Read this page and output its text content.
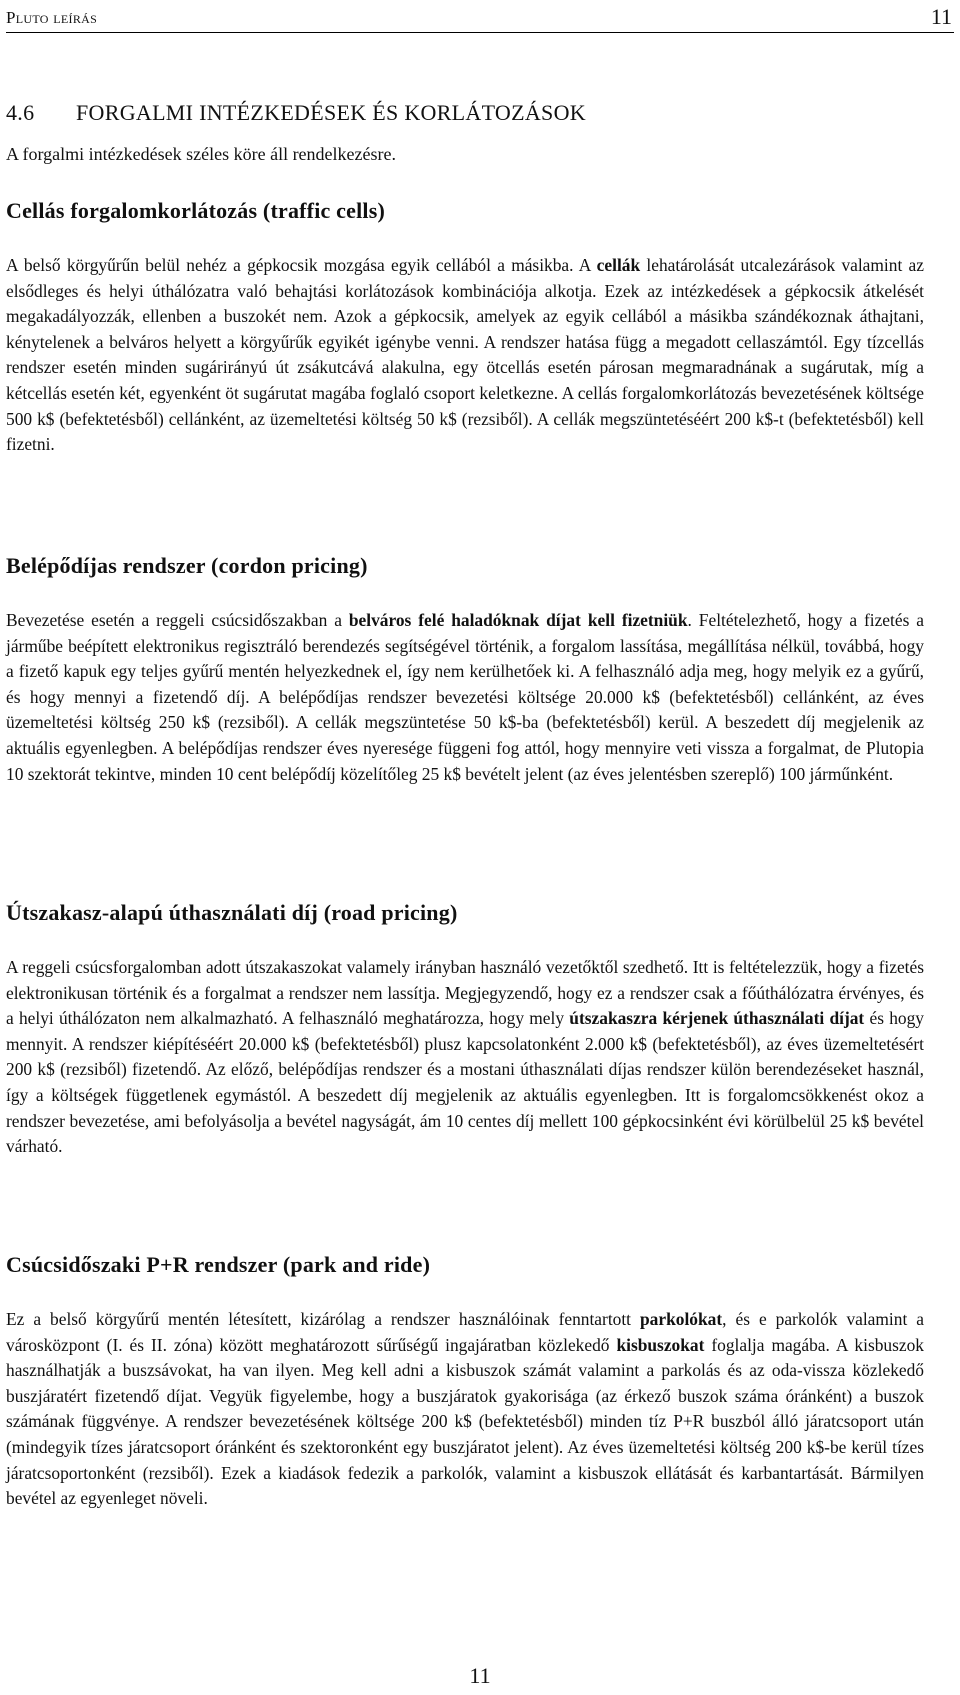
Pluto leírás	11
4.6 FORGALMI INTÉZKEDÉSEK ÉS KORLÁTOZÁSOK

A forgalmi intézkedések széles köre áll rendelkezésre.

Cellás forgalomkorlátozás (traffic cells)

A belső körgyűrűn belül nehéz a gépkocsik mozgása egyik cellából a másikba. A cellák lehatárolását utcalezárások valamint az elsődleges és helyi úthálózatra való behajtási korlátozások kombinációja alkotja. Ezek az intézkedések a gépkocsik átkelését megakadályozzák, ellenben a buszokét nem. Azok a gépkocsik, amelyek az egyik cellából a másikba szándékoznak áthajtani, kénytelenek a belváros helyett a körgyűrűk egyikét igénybe venni. A rendszer hatása függ a megadott cellaszámtól. Egy tízcellás rendszer esetén minden sugárirányú út zsákutcává alakulna, egy ötcellás esetén párosan megmaradnának a sugárutak, míg a kétcellás esetén két, egyenként öt sugárutat magába foglaló csoport keletkezne. A cellás forgalomkorlátozás bevezetésének költsége 500 k$ (befektetésből) cellánként, az üzemeltetési költség 50 k$ (rezsiből). A cellák megszüntetéséért 200 k$-t (befektetésből) kell fizetni.

Belépődíjas rendszer (cordon pricing)

Bevezetése esetén a reggeli csúcsidőszakban a belváros felé haladóknak díjat kell fizetniük. Feltételezhető, hogy a fizetés a járműbe beépített elektronikus regisztráló berendezés segítségével történik, a forgalom lassítása, megállítása nélkül, továbbá, hogy a fizető kapuk egy teljes gyűrű mentén helyezkednek el, így nem kerülhetőek ki. A felhasználó adja meg, hogy melyik ez a gyűrű, és hogy mennyi a fizetendő díj. A belépődíjas rendszer bevezetési költsége 20.000 k$ (befektetésből) cellánként, az éves üzemeltetési költség 250 k$ (rezsiből). A cellák megszüntetése 50 k$-ba (befektetésből) kerül. A beszedett díj megjelenik az aktuális egyenlegben. A belépődíjas rendszer éves nyeresége függeni fog attól, hogy mennyire veti vissza a forgalmat, de Plutopia 10 szektorát tekintve, minden 10 cent belépődíj közelítőleg 25 k$ bevételt jelent (az éves jelentésben szereplő) 100 járműnként.

Útszakasz-alapú úthasználati díj (road pricing)

A reggeli csúcsforgalomban adott útszakaszokat valamely irányban használó vezetőktől szedhető. Itt is feltételezzük, hogy a fizetés elektronikusan történik és a forgalmat a rendszer nem lassítja. Megjegyzendő, hogy ez a rendszer csak a főúthálózatra érvényes, és a helyi úthálózaton nem alkalmazható. A felhasználó meghatározza, hogy mely útszakaszra kérjenek úthasználati díjat és hogy mennyit. A rendszer kiépítéséért 20.000 k$ (befektetésből) plusz kapcsolatonként 2.000 k$ (befektetésből), az éves üzemeltetésért 200 k$ (rezsiből) fizetendő. Az előző, belépődíjas rendszer és a mostani úthasználati díjas rendszer külön berendezéseket használ, így a költségek függetlenek egymástól. A beszedett díj megjelenik az aktuális egyenlegben. Itt is forgalomcsökkenést okoz a rendszer bevezetése, ami befolyásolja a bevétel nagyságát, ám 10 centes díj mellett 100 gépkocsinként évi körülbelül 25 k$ bevétel várható.

Csúcsidőszaki P+R rendszer (park and ride)

Ez a belső körgyűrű mentén létesített, kizárólag a rendszer használóinak fenntartott parkolókat, és e parkolók valamint a városközpont (I. és II. zóna) között meghatározott sűrűségű ingajáratban közlekedő kisbuszokat foglalja magába. A kisbuszok használhatják a buszsávokat, ha van ilyen. Meg kell adni a kisbuszok számát valamint a parkolás és az oda-vissza közlekedő buszjáratért fizetendő díjat. Vegyük figyelembe, hogy a buszjáratok gyakorisága (az érkező buszok száma óránként) a buszok számának függvénye. A rendszer bevezetésének költsége 200 k$ (befektetésből) minden tíz P+R buszból álló járatcsoport után (mindegyik tízes járatcsoport óránként és szektoronként egy buszjáratot jelent). Az éves üzemeltetési költség 200 k$-be kerül tízes járatcsoportonként (rezsiből). Ezek a kiadások fedezik a parkolók, valamint a kisbuszok ellátását és karbantartását. Bármilyen bevétel az egyenleget növeli.

11
